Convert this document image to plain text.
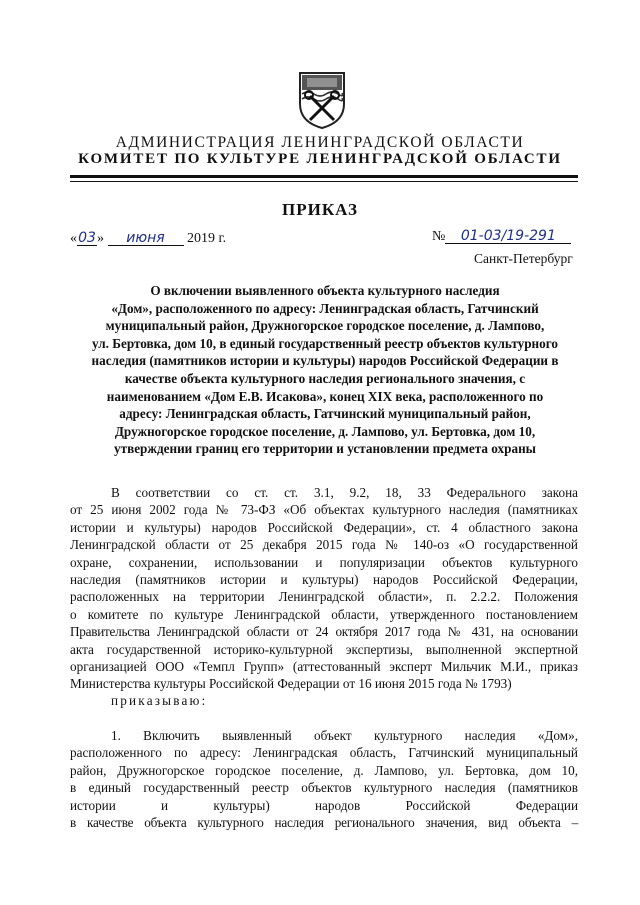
АДМИНИСТРАЦИЯ ЛЕНИНГРАДСКОЙ ОБЛАСТИ
КОМИТЕТ ПО КУЛЬТУРЕ ЛЕНИНГРАДСКОЙ ОБЛАСТИ
ПРИКАЗ
«03» июня 2019 г.	№ 01-03/19-291
Санкт-Петербург
О включении выявленного объекта культурного наследия
«Дом», расположенного по адресу: Ленинградская область, Гатчинский
муниципальный район, Дружногорское городское поселение, д. Лампово,
ул. Бертовка, дом 10, в единый государственный реестр объектов культурного
наследия (памятников истории и культуры) народов Российской Федерации в
качестве объекта культурного наследия регионального значения, с
наименованием «Дом Е.В. Исакова», конец XIX века, расположенного по
адресу: Ленинградская область, Гатчинский муниципальный район,
Дружногорское городское поселение, д. Лампово, ул. Бертовка, дом 10,
утверждении границ его территории и установлении предмета охраны
В соответствии со ст. ст. 3.1, 9.2, 18, 33 Федерального закона
от 25 июня 2002 года № 73-ФЗ «Об объектах культурного наследия (памятниках
истории и культуры) народов Российской Федерации», ст. 4 областного закона
Ленинградской области от 25 декабря 2015 года № 140-оз «О государственной
охране, сохранении, использовании и популяризации объектов культурного
наследия (памятников истории и культуры) народов Российской Федерации,
расположенных на территории Ленинградской области», п. 2.2.2. Положения
о комитете по культуре Ленинградской области, утвержденного постановлением
Правительства Ленинградской области от 24 октября 2017 года № 431, на основании
акта государственной историко-культурной экспертизы, выполненной экспертной
организацией ООО «Темпл Групп» (аттестованный эксперт Мильчик М.И., приказ
Министерства культуры Российской Федерации от 16 июня 2015 года № 1793)
приказываю:
1. Включить выявленный объект культурного наследия «Дом»,
расположенного по адресу: Ленинградская область, Гатчинский муниципальный
район, Дружногорское городское поселение, д. Лампово, ул. Бертовка, дом 10,
в единый государственный реестр объектов культурного наследия (памятников
истории и культуры) народов Российской Федерации
в качестве объекта культурного наследия регионального значения, вид объекта –
